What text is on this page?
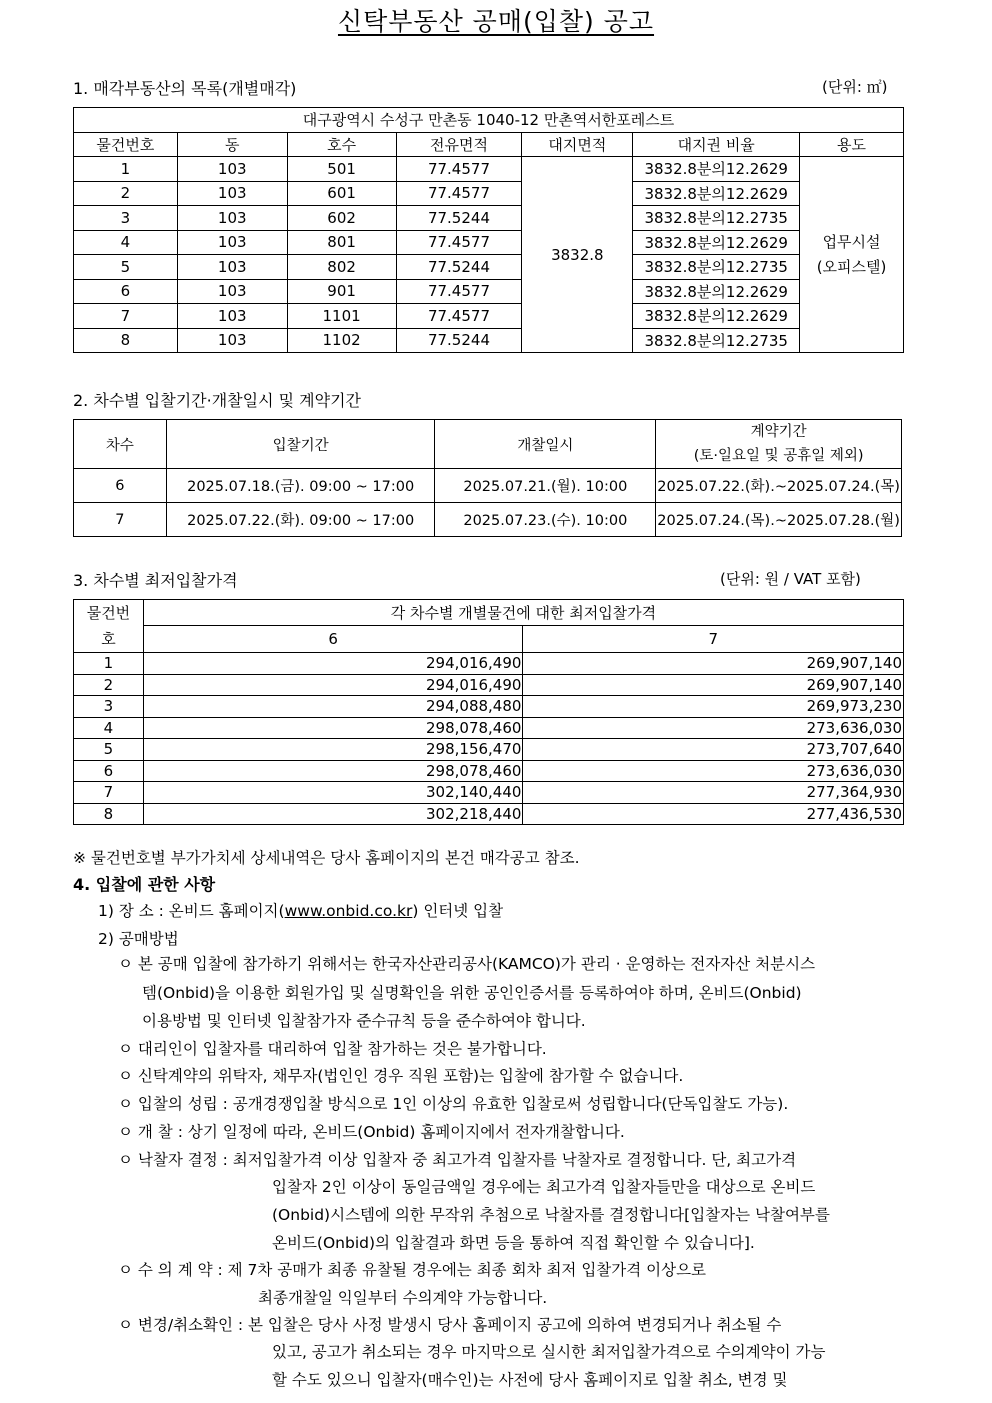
신탁부동산 공매(입찰) 공고
1. 매각부동산의 목록(개별매각)	(단위: ㎡)
대구광역시 수성구 만촌동 1040-12 만촌역서한포레스트						
물건번호	동	호수	전유면적	대지면적	대지권 비율	용도
1	103	501	77.4577	3832.8	3832.8분의12.2629	업무시설
(오피스텔)
2	103	601	77.4577		3832.8분의12.2629	
3	103	602	77.5244		3832.8분의12.2735	
4	103	801	77.4577		3832.8분의12.2629	
5	103	802	77.5244		3832.8분의12.2735	
6	103	901	77.4577		3832.8분의12.2629	
7	103	1101	77.4577		3832.8분의12.2629	
8	103	1102	77.5244		3832.8분의12.2735	
2. 차수별 입찰기간·개찰일시 및 계약기간
차수	입찰기간	개찰일시	계약기간
(토·일요일 및 공휴일 제외)
6	2025.07.18.(금). 09:00 ~ 17:00	2025.07.21.(월). 10:00	2025.07.22.(화).~2025.07.24.(목)
7	2025.07.22.(화). 09:00 ~ 17:00	2025.07.23.(수). 10:00	2025.07.24.(목).~2025.07.28.(월)
3. 차수별 최저입찰가격	(단위: 원 / VAT 포함)
물건번
호	각 차수별 개별물건에 대한 최저입찰가격	
	6	7
1	294,016,490	269,907,140
2	294,016,490	269,907,140
3	294,088,480	269,973,230
4	298,078,460	273,636,030
5	298,156,470	273,707,640
6	298,078,460	273,636,030
7	302,140,440	277,364,930
8	302,218,440	277,436,530
※ 물건번호별 부가가치세 상세내역은 당사 홈페이지의 본건 매각공고 참조.
4. 입찰에 관한 사항
1) 장 소 : 온비드 홈페이지(www.onbid.co.kr) 인터넷 입찰
2) 공매방법
ㅇ 본 공매 입찰에 참가하기 위해서는 한국자산관리공사(KAMCO)가 관리 · 운영하는 전자자산 처분시스
템(Onbid)을 이용한 회원가입 및 실명확인을 위한 공인인증서를 등록하여야 하며, 온비드(Onbid)
이용방법 및 인터넷 입찰참가자 준수규칙 등을 준수하여야 합니다.
ㅇ 대리인이 입찰자를 대리하여 입찰 참가하는 것은 불가합니다.
ㅇ 신탁계약의 위탁자, 채무자(법인인 경우 직원 포함)는 입찰에 참가할 수 없습니다.
ㅇ 입찰의 성립 : 공개경쟁입찰 방식으로 1인 이상의 유효한 입찰로써 성립합니다(단독입찰도 가능).
ㅇ 개 찰 : 상기 일정에 따라, 온비드(Onbid) 홈페이지에서 전자개찰합니다.
ㅇ 낙찰자 결정 : 최저입찰가격 이상 입찰자 중 최고가격 입찰자를 낙찰자로 결정합니다. 단, 최고가격
입찰자 2인 이상이 동일금액일 경우에는 최고가격 입찰자들만을 대상으로 온비드
(Onbid)시스템에 의한 무작위 추첨으로 낙찰자를 결정합니다[입찰자는 낙찰여부를
온비드(Onbid)의 입찰결과 화면 등을 통하여 직접 확인할 수 있습니다].
ㅇ 수 의 계 약 : 제 7차 공매가 최종 유찰될 경우에는 최종 회차 최저 입찰가격 이상으로
최종개찰일 익일부터 수의계약 가능합니다.
ㅇ 변경/취소확인 : 본 입찰은 당사 사정 발생시 당사 홈페이지 공고에 의하여 변경되거나 취소될 수
있고, 공고가 취소되는 경우 마지막으로 실시한 최저입찰가격으로 수의계약이 가능
할 수도 있으니 입찰자(매수인)는 사전에 당사 홈페이지로 입찰 취소, 변경 및
